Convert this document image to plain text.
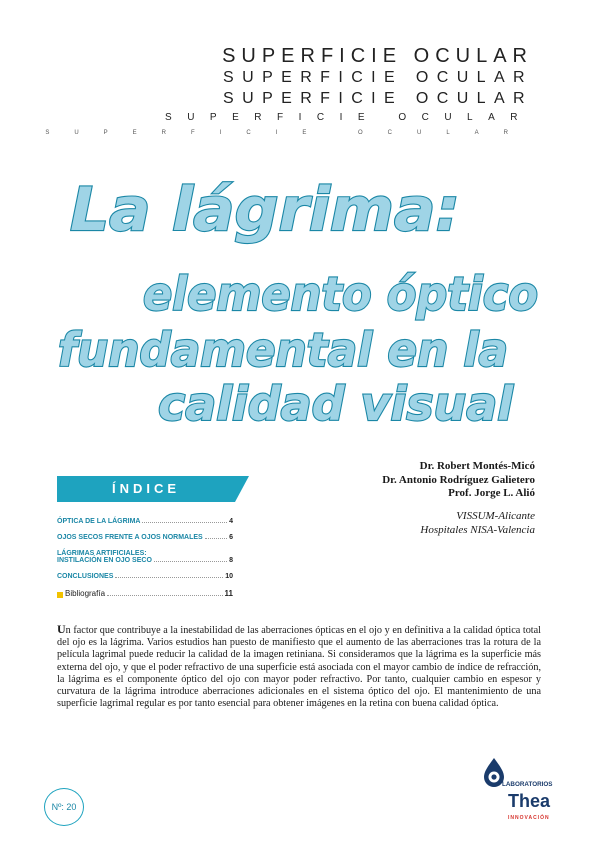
SUPERFICIE OCULAR
SUPERFICIE OCULAR
SUPERFICIE OCULAR
SUPERFICIE OCULAR
SUPERFICIE OCULAR
La lágrima:
elemento óptico
fundamental en la
calidad visual
Dr. Robert Montés-Micó
Dr. Antonio Rodríguez Galietero
Prof. Jorge L. Alió
VISSUM-Alicante
Hospitales NISA-Valencia
ÍNDICE
ÓPTICA DE LA LÁGRIMA	4
OJOS SECOS FRENTE A OJOS NORMALES	6
LÁGRIMAS ARTIFICIALES:
INSTILACIÓN EN OJO SECO	8
CONCLUSIONES	10
Bibliografía	11
Un factor que contribuye a la inestabilidad de las aberraciones ópticas en el ojo y en definitiva a la calidad óptica total del ojo es la lágrima. Varios estudios han puesto de manifiesto que el aumento de las aberraciones tras la rotura de la película lagrimal puede reducir la calidad de la imagen retiniana. Si consideramos que la lágrima es la superficie más externa del ojo, y que el poder refractivo de una superficie está asociada con el mayor cambio de índice de refracción, la lágrima es el componente óptico del ojo con mayor poder refractivo. Por tanto, cualquier cambio en espesor y curvatura de la lágrima introduce aberraciones adicionales en el sistema óptico del ojo. El mantenimiento de una superficie lagrimal regular es por tanto esencial para obtener imágenes en la retina con buena calidad óptica.
Nº: 20
LABORATORIOS
Thea
INNOVACIÓN
